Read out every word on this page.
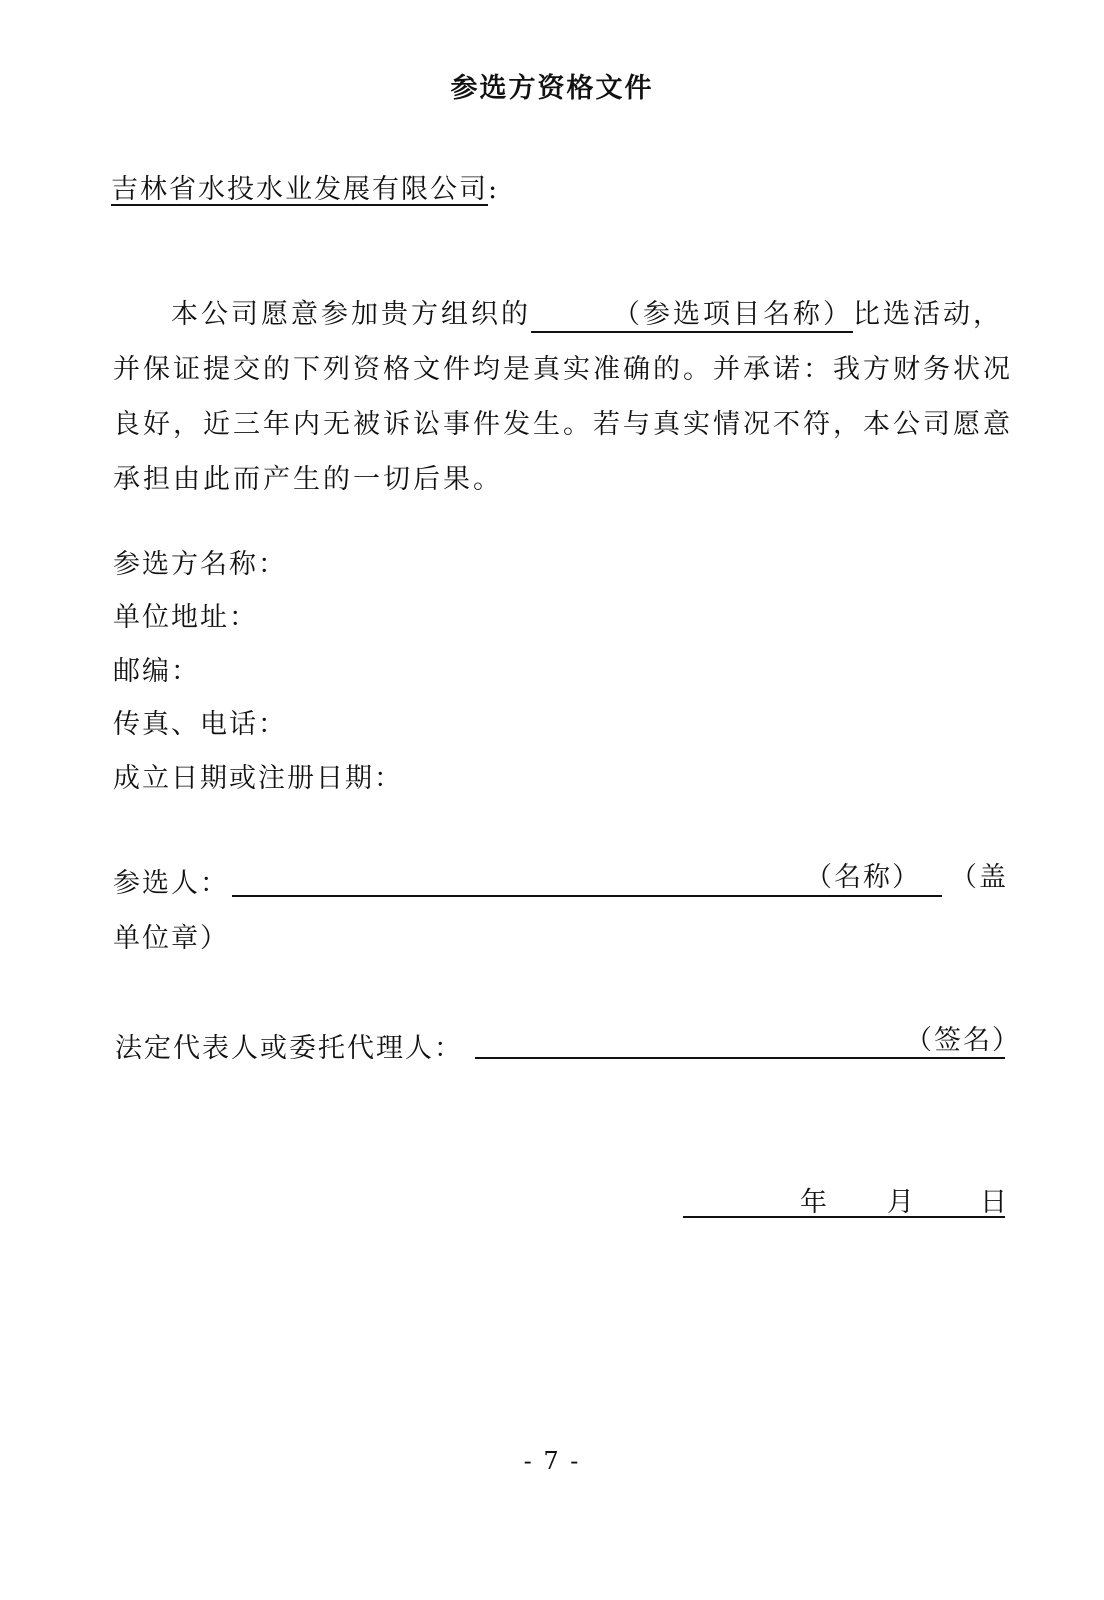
参选方资格文件
吉林省水投水业发展有限公司:
本公司愿意参加贵方组织的	（参选项目名称）比选活动，并保证提交的下列资格文件均是真实准确的。并承诺：我方财务状况良好，近三年内无被诉讼事件发生。若与真实情况不符，本公司愿意承担由此而产生的一切后果。
参选方名称：
单位地址：
邮编：
传真、电话：
成立日期或注册日期：
参选人：	（名称） （盖
单位章）
法定代表人或委托代理人：	（签名）
年 月 日
- 7 -
